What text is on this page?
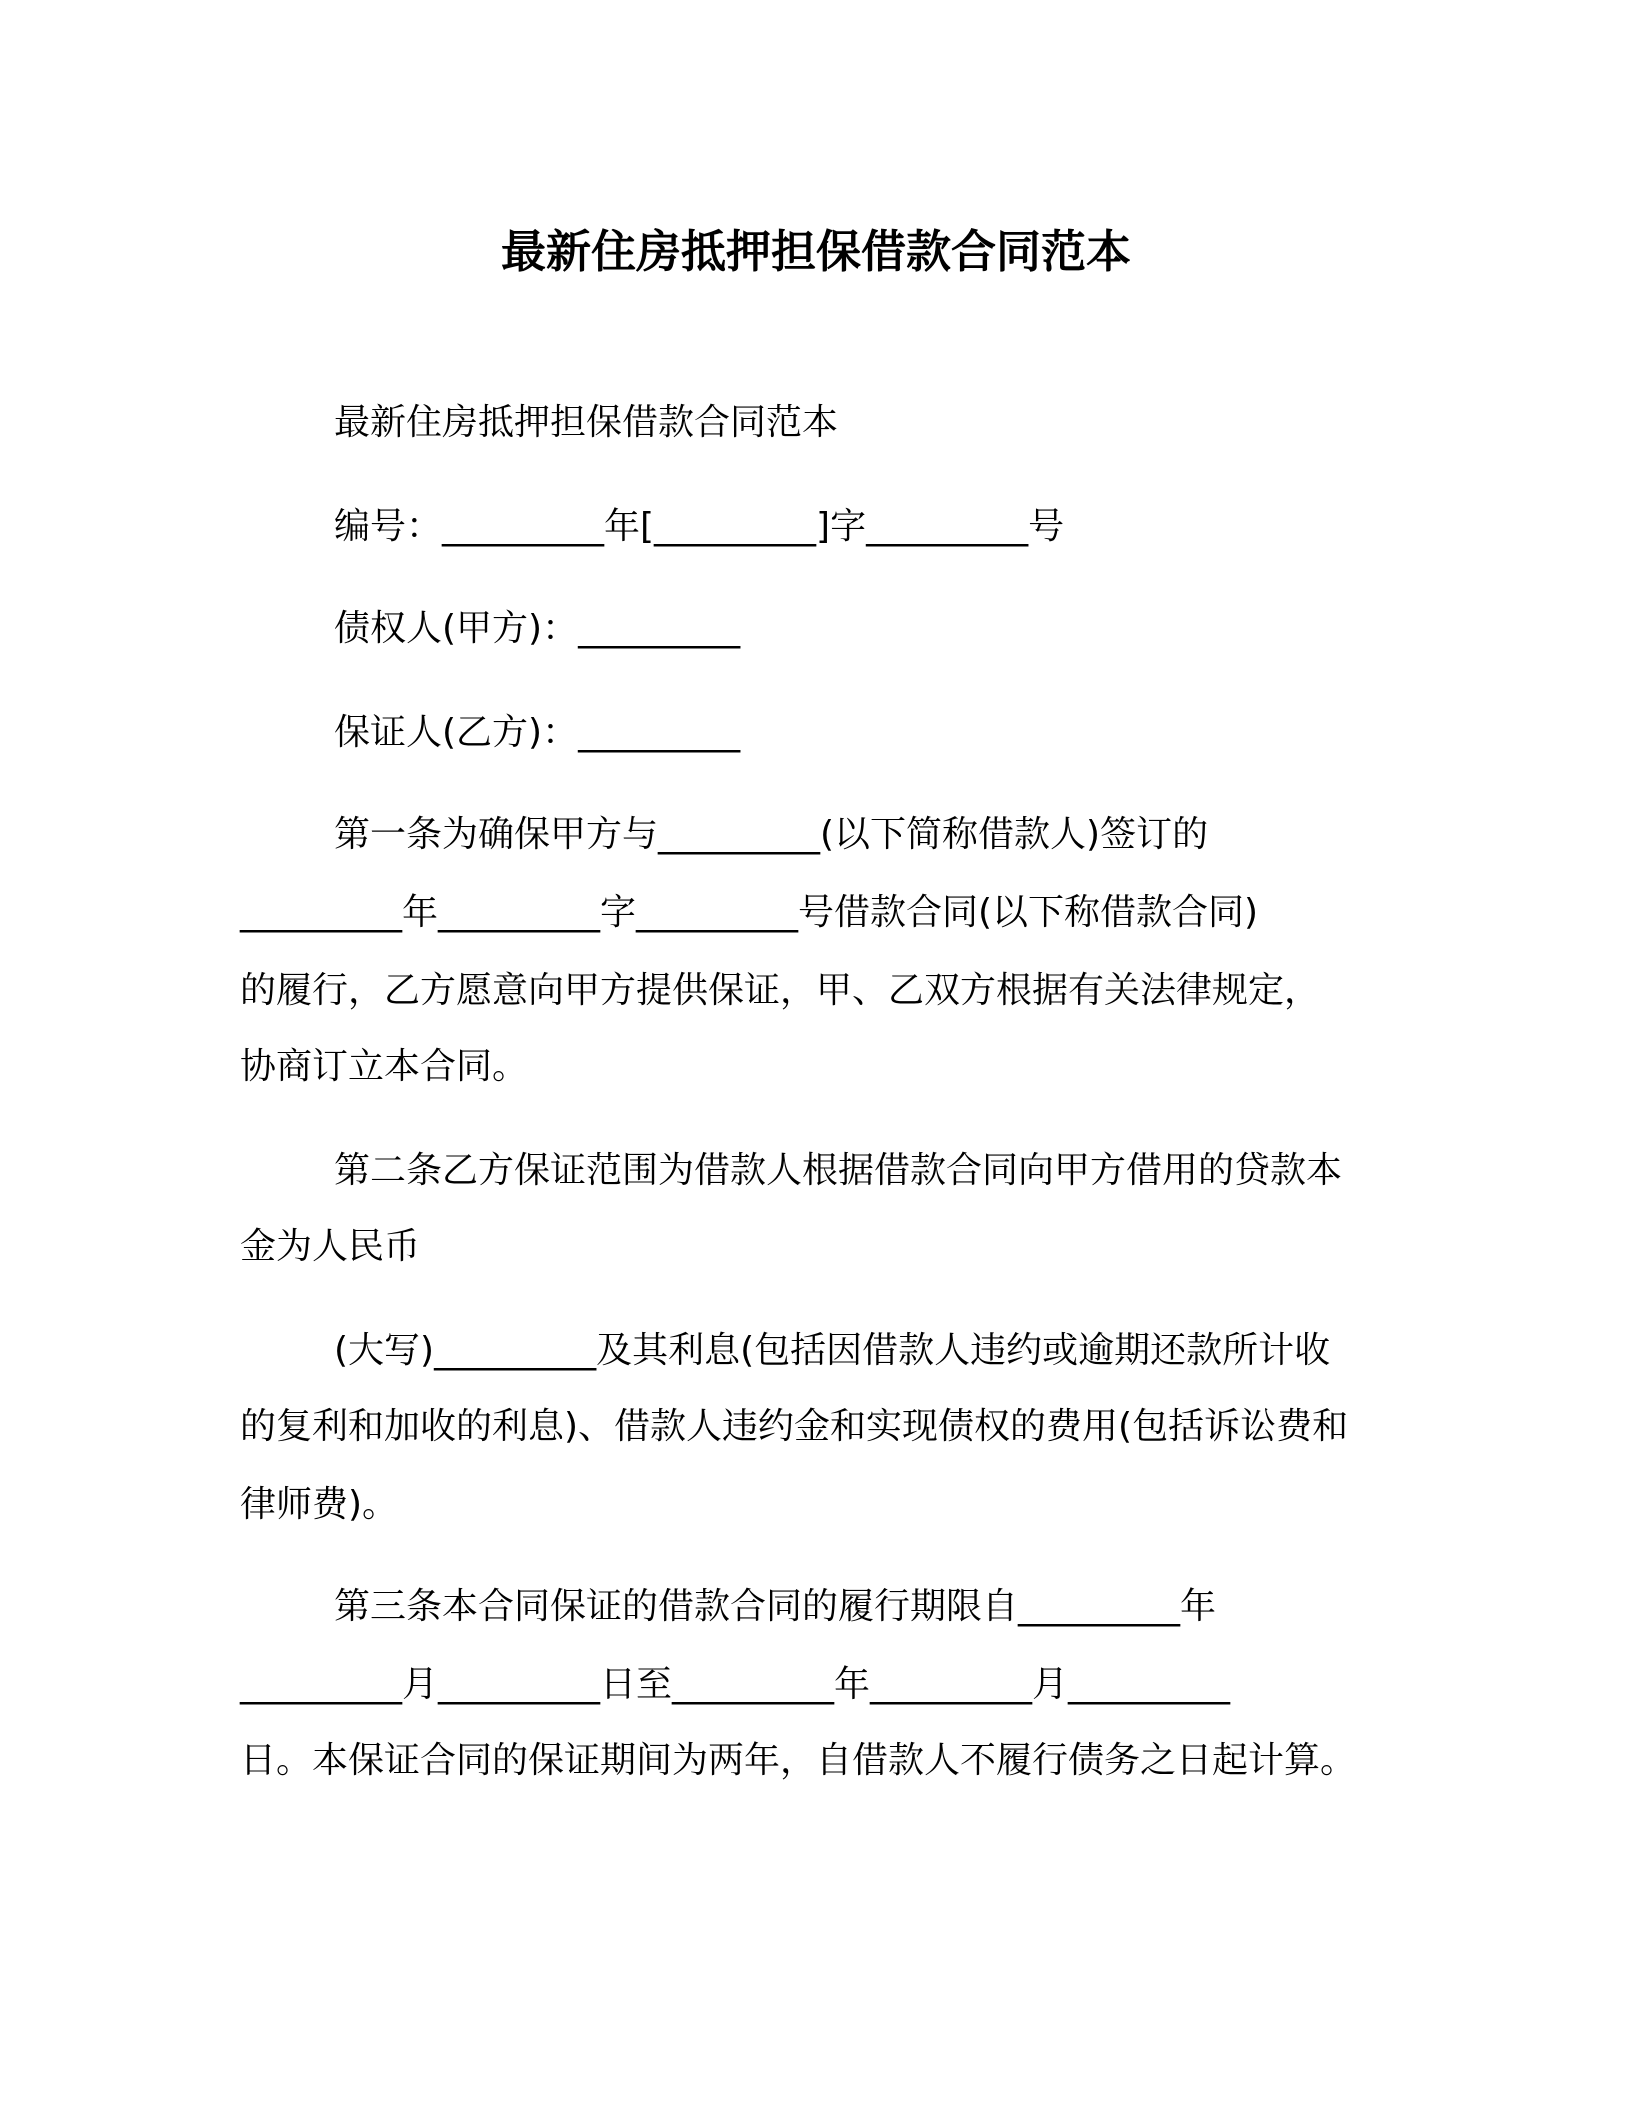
最新住房抵押担保借款合同范本
最新住房抵押担保借款合同范本
编号：_________年[_________]字_________号
债权人(甲方)：_________
保证人(乙方)：_________
第一条为确保甲方与_________(以下简称借款人)签订的
_________年_________字_________号借款合同(以下称借款合同)
的履行，乙方愿意向甲方提供保证，甲、乙双方根据有关法律规定，
协商订立本合同。
第二条乙方保证范围为借款人根据借款合同向甲方借用的贷款本
金为人民币
(大写)_________及其利息(包括因借款人违约或逾期还款所计收
的复利和加收的利息)、借款人违约金和实现债权的费用(包括诉讼费和
律师费)。
第三条本合同保证的借款合同的履行期限自_________年
_________月_________日至_________年_________月_________
日。本保证合同的保证期间为两年，自借款人不履行债务之日起计算。
